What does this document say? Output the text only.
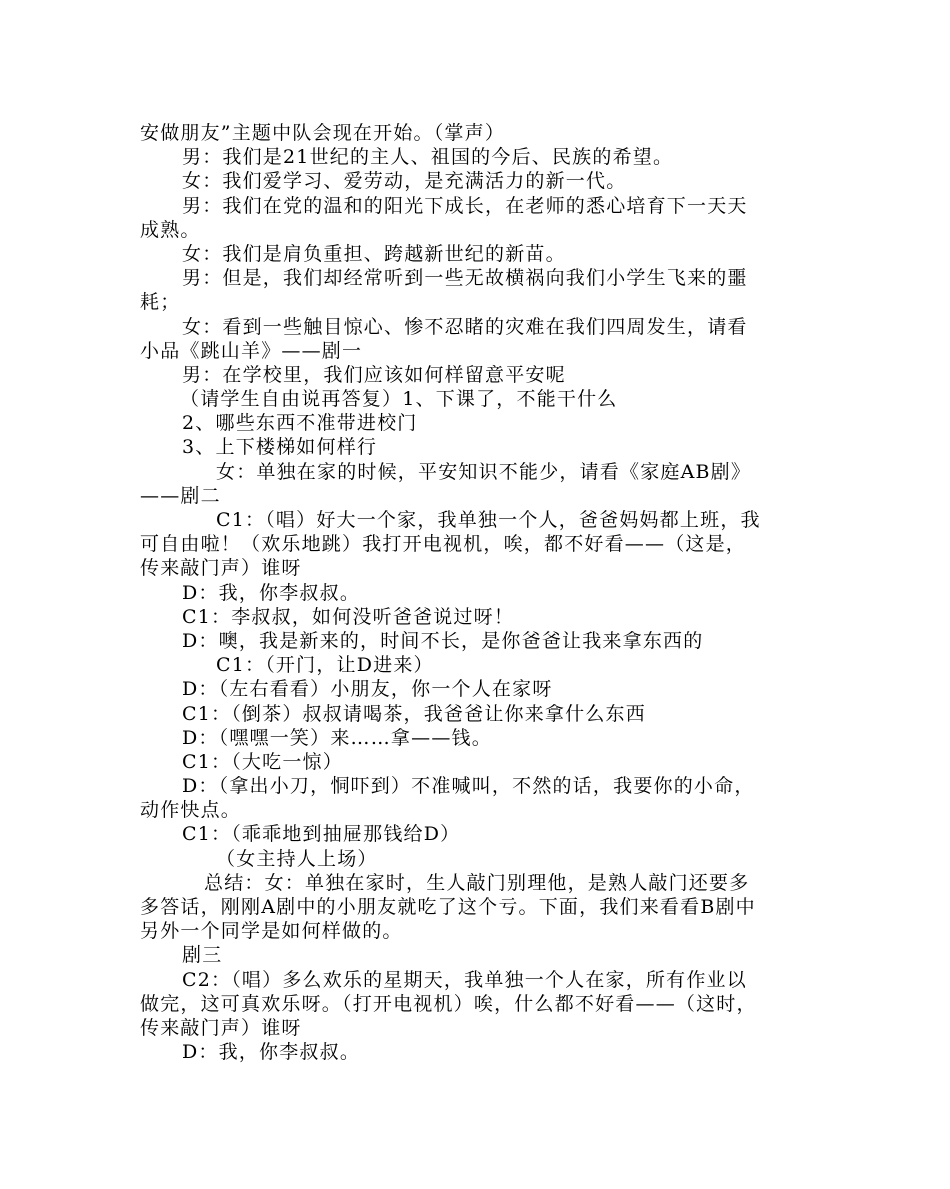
安做朋友”主题中队会现在开始。（掌声）
男：我们是21世纪的主人、祖国的今后、民族的希望。
女：我们爱学习、爱劳动，是充满活力的新一代。
男：我们在党的温和的阳光下成长，在老师的悉心培育下一天天
成熟。
女：我们是肩负重担、跨越新世纪的新苗。
男：但是，我们却经常听到一些无故横祸向我们小学生飞来的噩
耗；
女：看到一些触目惊心、惨不忍睹的灾难在我们四周发生，请看
小品《跳山羊》——剧一
男：在学校里，我们应该如何样留意平安呢
（请学生自由说再答复）1、下课了，不能干什么
2、哪些东西不准带进校门
3、上下楼梯如何样行
女：单独在家的时候，平安知识不能少，请看《家庭AB剧》
——剧二
C1：（唱）好大一个家，我单独一个人，爸爸妈妈都上班，我
可自由啦！（欢乐地跳）我打开电视机，唉，都不好看——（这是，
传来敲门声）谁呀
D：我，你李叔叔。
C1：李叔叔，如何没听爸爸说过呀！
D：噢，我是新来的，时间不长，是你爸爸让我来拿东西的
C1：（开门，让D进来）
D：（左右看看）小朋友，你一个人在家呀
C1：（倒茶）叔叔请喝茶，我爸爸让你来拿什么东西
D：（嘿嘿一笑）来……拿——钱。
C1：（大吃一惊）
D：（拿出小刀，恫吓到）不准喊叫，不然的话，我要你的小命，
动作快点。
C1：（乖乖地到抽屉那钱给D）
（女主持人上场）
总结：女：单独在家时，生人敲门别理他，是熟人敲门还要多
多答话，刚刚A剧中的小朋友就吃了这个亏。下面，我们来看看B剧中
另外一个同学是如何样做的。
剧三
C2：（唱）多么欢乐的星期天，我单独一个人在家，所有作业以
做完，这可真欢乐呀。（打开电视机）唉，什么都不好看——（这时，
传来敲门声）谁呀
D：我，你李叔叔。
